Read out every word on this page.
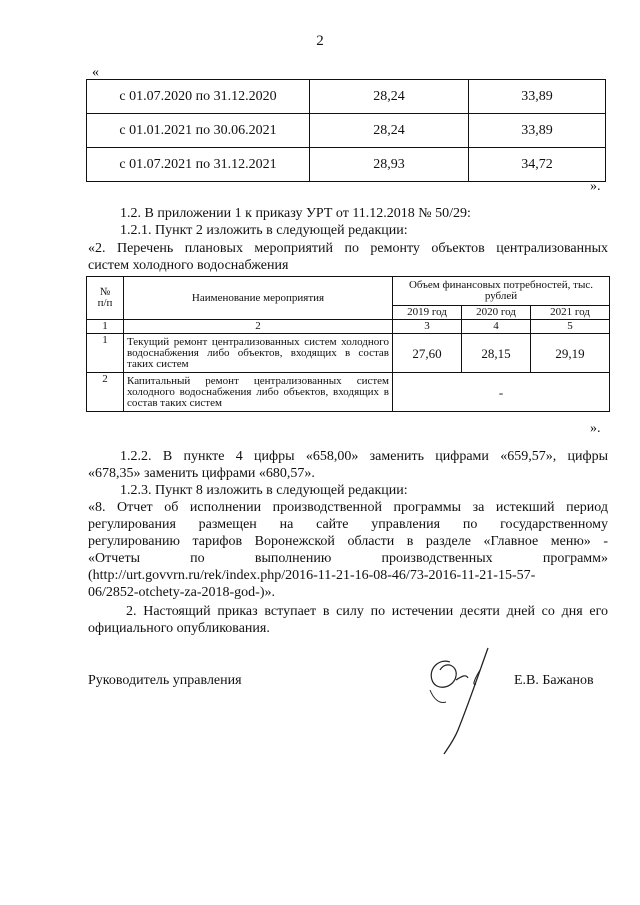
2
«
с 01.07.2020 по 31.12.2020	28,24	33,89
с 01.01.2021 по 30.06.2021	28,24	33,89
с 01.07.2021 по 31.12.2021	28,93	34,72
».
1.2. В приложении 1 к приказу УРТ от 11.12.2018 № 50/29:
1.2.1. Пункт 2 изложить в следующей редакции:
«2. Перечень плановых мероприятий по ремонту объектов централизованных
систем холодного водоснабжения
№
п/п	Наименование мероприятия	Объем финансовых потребностей, тыс. рублей		
		2019 год	2020 год	2021 год
1	2	3	4	5
1	Текущий ремонт централизованных систем холодного водоснабжения либо объектов, входящих в состав таких систем	27,60	28,15	29,19
2	Капитальный ремонт централизованных систем холодного водоснабжения либо объектов, входящих в состав таких систем	-		
».
1.2.2. В пункте 4 цифры «658,00» заменить цифрами «659,57», цифры
«678,35» заменить цифрами «680,57».
1.2.3. Пункт 8 изложить в следующей редакции:
«8. Отчет об исполнении производственной программы за истекший период
регулирования размещен на сайте управления по государственному
регулированию тарифов Воронежской области в разделе «Главное меню» -
«Отчеты по выполнению производственных программ»
(http://urt.govvrn.ru/rek/index.php/2016-11-21-16-08-46/73-2016-11-21-15-57-
06/2852-otchety-za-2018-god-)».
2. Настоящий приказ вступает в силу по истечении десяти дней со дня его
официального опубликования.
Руководитель управления	Е.В. Бажанов
